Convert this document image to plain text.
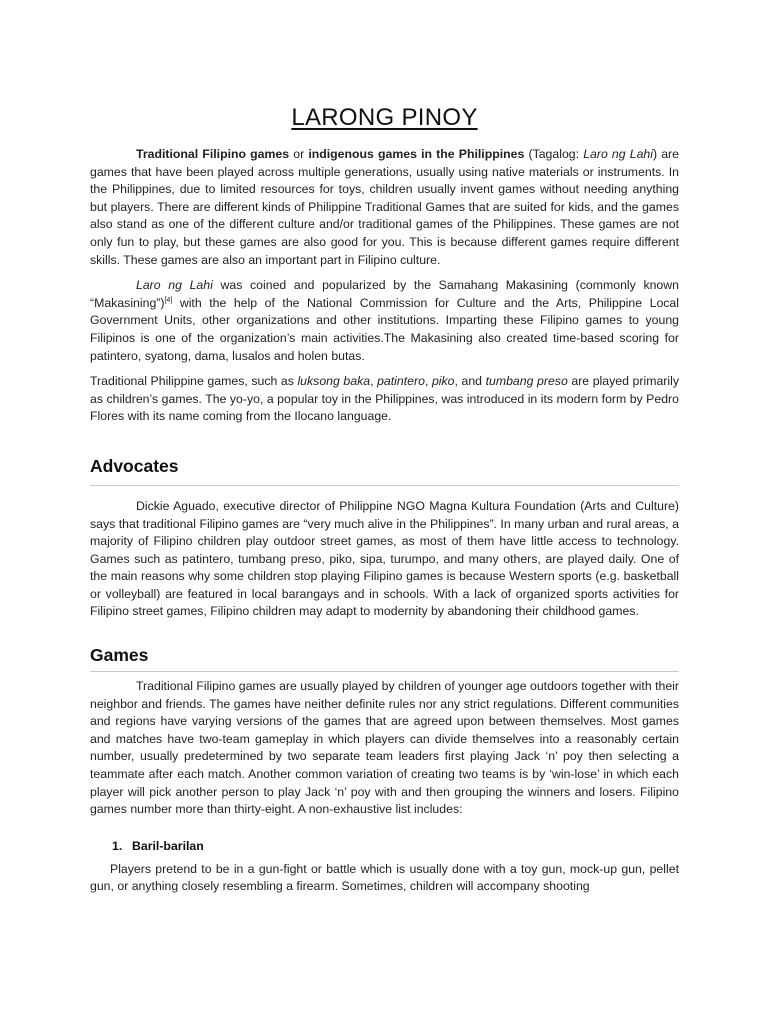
LARONG PINOY

Traditional Filipino games or indigenous games in the Philippines (Tagalog: Laro ng Lahi) are games that have been played across multiple generations, usually using native materials or instruments. In the Philippines, due to limited resources for toys, children usually invent games without needing anything but players. There are different kinds of Philippine Traditional Games that are suited for kids, and the games also stand as one of the different culture and/or traditional games of the Philippines. These games are not only fun to play, but these games are also good for you. This is because different games require different skills. These games are also an important part in Filipino culture.

Laro ng Lahi was coined and popularized by the Samahang Makasining (commonly known “Makasining”)[4] with the help of the National Commission for Culture and the Arts, Philippine Local Government Units, other organizations and other institutions. Imparting these Filipino games to young Filipinos is one of the organization’s main activities.The Makasining also created time-based scoring for patintero, syatong, dama, lusalos and holen butas.

Traditional Philippine games, such as luksong baka, patintero, piko, and tumbang preso are played primarily as children’s games. The yo-yo, a popular toy in the Philippines, was introduced in its modern form by Pedro Flores with its name coming from the Ilocano language.

Advocates

Dickie Aguado, executive director of Philippine NGO Magna Kultura Foundation (Arts and Culture) says that traditional Filipino games are “very much alive in the Philippines”. In many urban and rural areas, a majority of Filipino children play outdoor street games, as most of them have little access to technology. Games such as patintero, tumbang preso, piko, sipa, turumpo, and many others, are played daily. One of the main reasons why some children stop playing Filipino games is because Western sports (e.g. basketball or volleyball) are featured in local barangays and in schools. With a lack of organized sports activities for Filipino street games, Filipino children may adapt to modernity by abandoning their childhood games.

Games

Traditional Filipino games are usually played by children of younger age outdoors together with their neighbor and friends. The games have neither definite rules nor any strict regulations. Different communities and regions have varying versions of the games that are agreed upon between themselves. Most games and matches have two-team gameplay in which players can divide themselves into a reasonably certain number, usually predetermined by two separate team leaders first playing Jack ‘n’ poy then selecting a teammate after each match. Another common variation of creating two teams is by ‘win-lose’ in which each player will pick another person to play Jack ‘n’ poy with and then grouping the winners and losers. Filipino games number more than thirty-eight. A non-exhaustive list includes:

1. Baril-barilan

Players pretend to be in a gun-fight or battle which is usually done with a toy gun, mock-up gun, pellet gun, or anything closely resembling a firearm. Sometimes, children will accompany shooting
